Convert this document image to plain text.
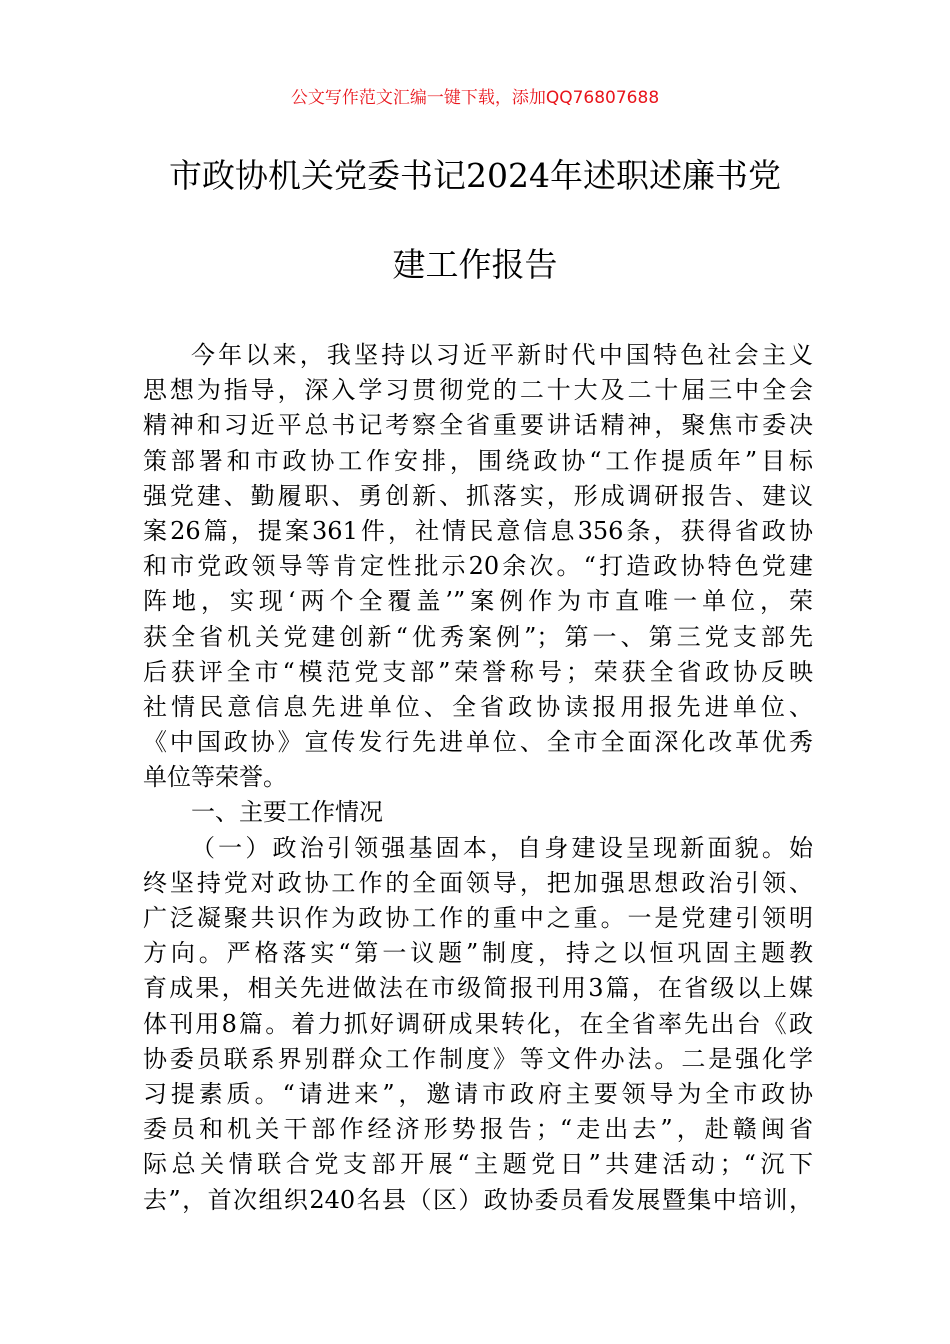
公文写作范文汇编一键下载，添加QQ76807688
市政协机关党委书记2024年述职述廉书党
建工作报告
今年以来，我坚持以习近平新时代中国特色社会主义
思想为指导，深入学习贯彻党的二十大及二十届三中全会
精神和习近平总书记考察全省重要讲话精神，聚焦市委决
策部署和市政协工作安排，围绕政协“工作提质年”目标
强党建、勤履职、勇创新、抓落实，形成调研报告、建议
案26篇，提案361件，社情民意信息356条，获得省政协
和市党政领导等肯定性批示20余次。“打造政协特色党建
阵地，实现‘两个全覆盖’”案例作为市直唯一单位，荣
获全省机关党建创新“优秀案例”；第一、第三党支部先
后获评全市“模范党支部”荣誉称号；荣获全省政协反映
社情民意信息先进单位、全省政协读报用报先进单位、
《中国政协》宣传发行先进单位、全市全面深化改革优秀
单位等荣誉。
一、主要工作情况
（一）政治引领强基固本，自身建设呈现新面貌。始
终坚持党对政协工作的全面领导，把加强思想政治引领、
广泛凝聚共识作为政协工作的重中之重。一是党建引领明
方向。严格落实“第一议题”制度，持之以恒巩固主题教
育成果，相关先进做法在市级简报刊用3篇，在省级以上媒
体刊用8篇。着力抓好调研成果转化，在全省率先出台《政
协委员联系界别群众工作制度》等文件办法。二是强化学
习提素质。“请进来”，邀请市政府主要领导为全市政协
委员和机关干部作经济形势报告；“走出去”，赴赣闽省
际总关情联合党支部开展“主题党日”共建活动；“沉下
去”，首次组织240名县（区）政协委员看发展暨集中培训，
